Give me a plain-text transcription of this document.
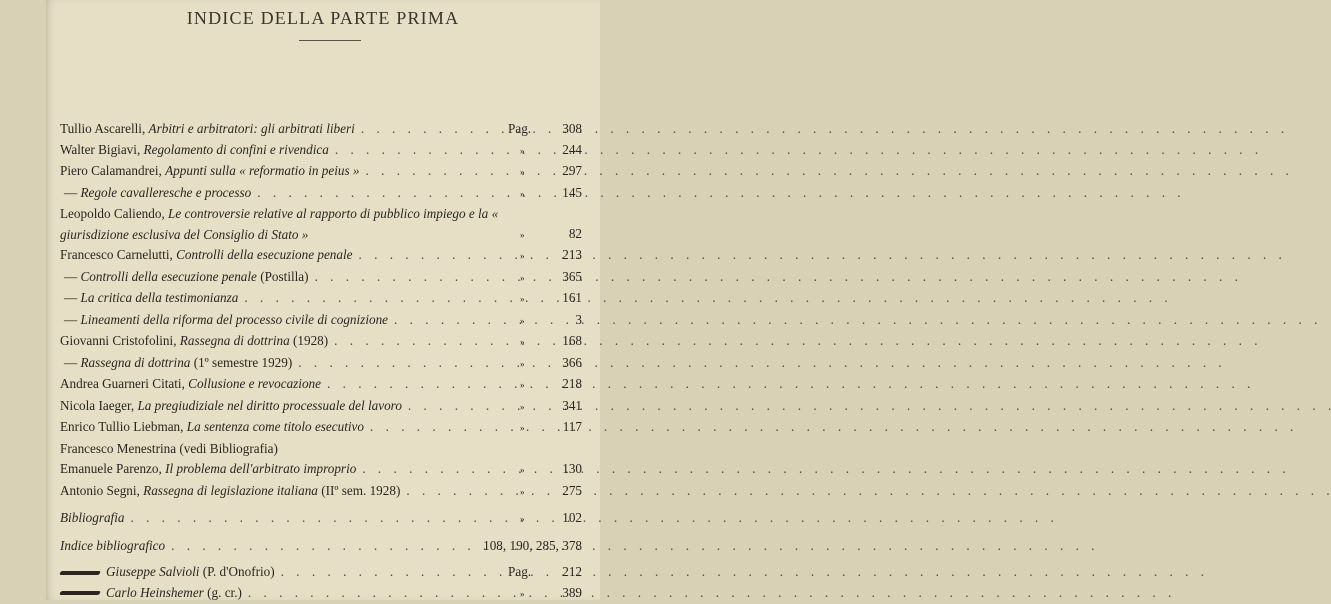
INDICE DELLA PARTE PRIMA
Tullio Ascarelli, Arbitri e arbitratori: gli arbitrati liberi . . .	Pag. 308
Walter Bigiavi, Regolamento di confini e rivendica . . .	»	244
Piero Calamandrei, Appunti sulla « reformatio in peius » . . .	»	297
— Regole cavalleresche e processo . . .	»	145
Leopoldo Caliendo, Le controversie relative al rapporto di pubblico impiego e la « giurisdizione esclusiva del Consiglio di Stato »	»	82
Francesco Carnelutti, Controlli della esecuzione penale . . .	»	213
— Controlli della esecuzione penale (Postilla) . . .	»	365
— La critica della testimonianza . . .	»	161
— Lineamenti della riforma del processo civile di cognizione . . .	»	3
Giovanni Cristofolini, Rassegna di dottrina (1928) . . .	»	168
— Rassegna di dottrina (1º semestre 1929) . . .	»	366
Andrea Guarneri Citati, Collusione e revocazione . . .	»	218
Nicola Iaeger, La pregiudiziale nel diritto processuale del lavoro . . .	»	341
Enrico Tullio Liebman, La sentenza come titolo esecutivo . . .	»	117
Francesco Menestrina (vedi Bibliografia)
Emanuele Parenzo, Il problema dell'arbitrato improprio . . .	»	130
Antonio Segni, Rassegna di legislazione italiana (IIº sem. 1928) . . .	»	275
Bibliografia . . .	»	102
Indice bibliografico . . .	108, 190, 285, 378
Giuseppe Salvioli (P. d'Onofrio) . . .	Pag. 212
Carlo Heinshemer (g. cr.) . . .	»	389
